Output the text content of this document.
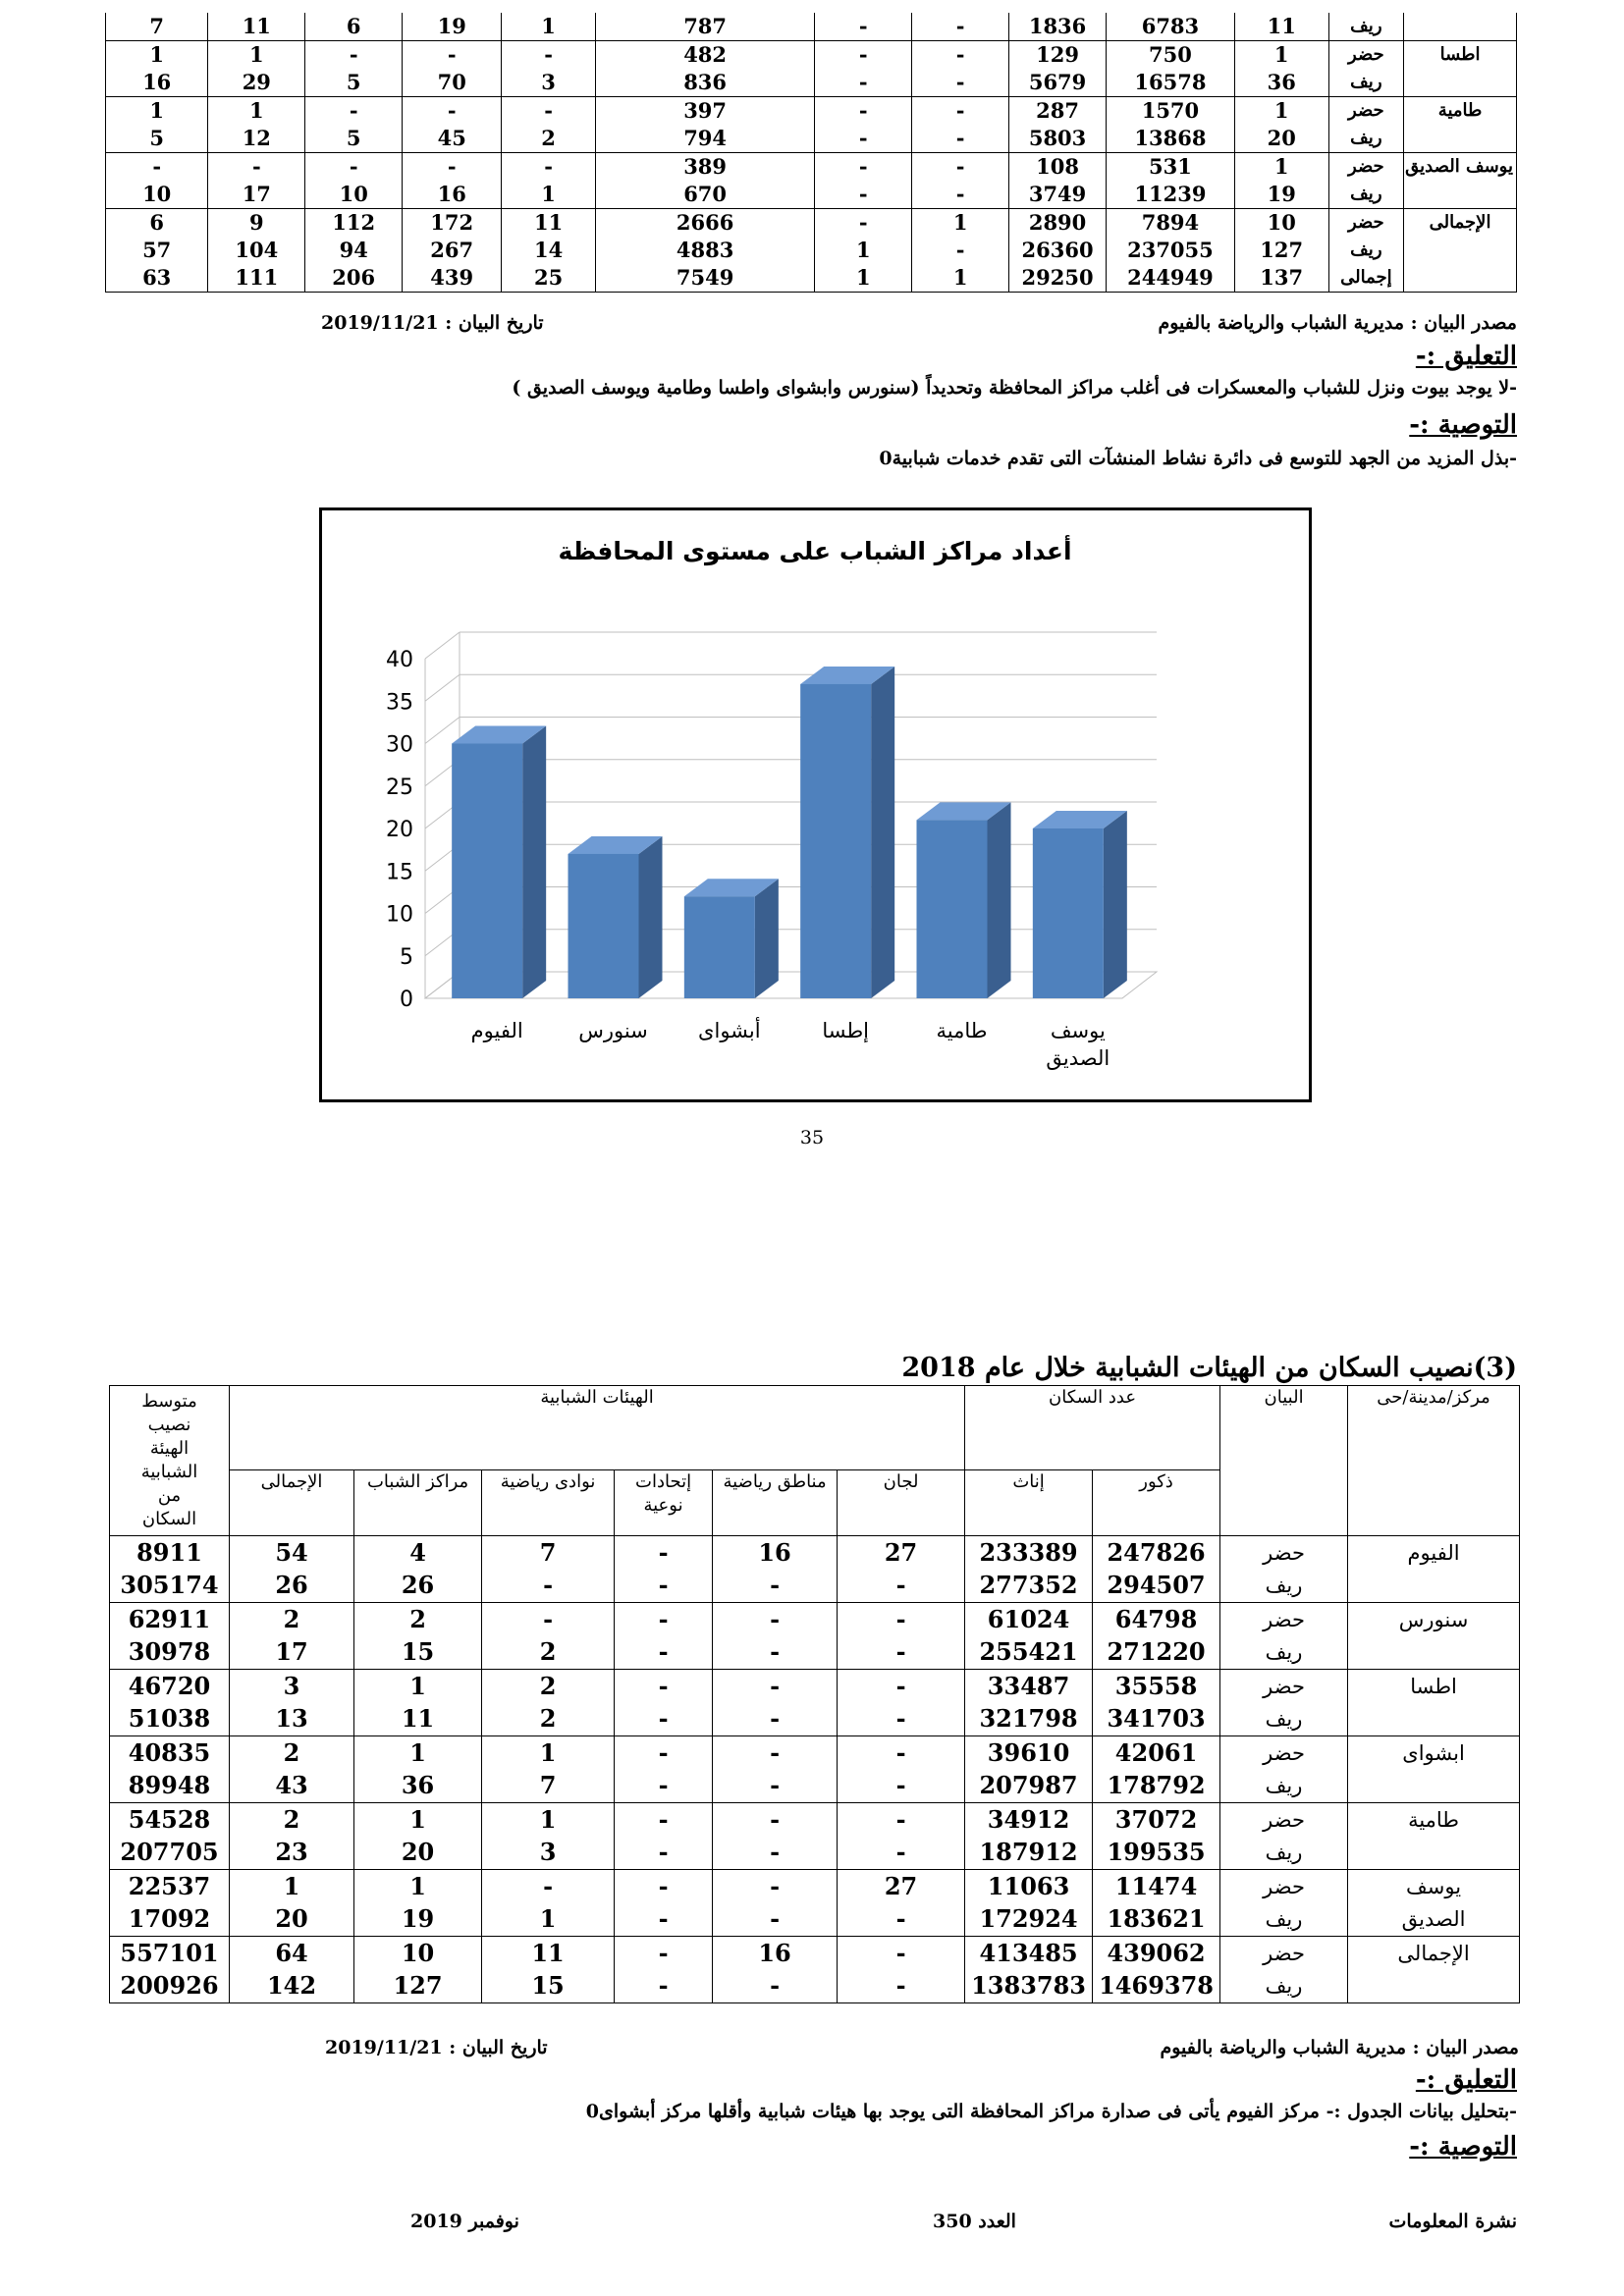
	ريف	11	6783	1836	-	-	787	1	19	6	11	7
اطسا	حضر	1	750	129	-	-	482	-	-	-	1	1
	ريف	36	16578	5679	-	-	836	3	70	5	29	16
طامية	حضر	1	1570	287	-	-	397	-	-	-	1	1
	ريف	20	13868	5803	-	-	794	2	45	5	12	5
يوسف الصديق	حضر	1	531	108	-	-	389	-	-	-	-	-
	ريف	19	11239	3749	-	-	670	1	16	10	17	10
الإجمالى	حضر	10	7894	2890	1	-	2666	11	172	112	9	6
	ريف	127	237055	26360	-	1	4883	14	267	94	104	57
	إجمالى	137	244949	29250	1	1	7549	25	439	206	111	63
مصدر البيان : مديرية الشباب والرياضة بالفيوم
تاريخ البيان : 2019/11/21
التعليق :-
-لا يوجد بيوت ونزل للشباب والمعسكرات فى أغلب مراكز المحافظة وتحديداً (سنورس وابشواى واطسا وطامية ويوسف الصديق )
التوصية :-
-بذل المزيد من الجهد للتوسع فى دائرة نشاط المنشآت التى تقدم خدمات شبابية0
أعداد مراكز الشباب على مستوى المحافظة
0
5
10
15
20
25
30
35
40
الفيوم	سنورس أبشواى	إطسا	طامية	يوسف
الصديق
35
(3)نصيب السكان من الهيئات الشبابية خلال عام 2018
مركز/مدينة/حى	البيان	عدد السكان		الهيئات الشبابية						متوسط نصيب الهيئة الشبابية من السكان
		ذكور	إناث	لجان	مناطق رياضية	إتحادات نوعية	نوادى رياضية	مراكز الشباب	الإجمالى	
الفيوم	حضر	247826	233389	27	16	-	7	4	54	8911
	ريف	294507	277352	-	-	-	-	26	26	305174
سنورس	حضر	64798	61024	-	-	-	-	2	2	62911
	ريف	271220	255421	-	-	-	2	15	17	30978
اطسا	حضر	35558	33487	-	-	-	2	1	3	46720
	ريف	341703	321798	-	-	-	2	11	13	51038
ابشواى	حضر	42061	39610	-	-	-	1	1	2	40835
	ريف	178792	207987	-	-	-	7	36	43	89948
طامية	حضر	37072	34912	-	-	-	1	1	2	54528
	ريف	199535	187912	-	-	-	3	20	23	207705
يوسف	حضر	11474	11063	27	-	-	-	1	1	22537
الصديق	ريف	183621	172924	-	-	-	1	19	20	17092
الإجمالى	حضر	439062	413485	-	16	-	11	10	64	557101
	ريف	1469378	1383783	-	-	-	15	127	142	200926
مصدر البيان : مديرية الشباب والرياضة بالفيوم
تاريخ البيان : 2019/11/21
التعليق :-
-بتحليل بيانات الجدول :- مركز الفيوم يأتى فى صدارة مراكز المحافظة التى يوجد بها هيئات شبابية وأقلها مركز أبشواى0
التوصية :-
نوفمبر 2019	العدد 350	نشرة المعلومات
